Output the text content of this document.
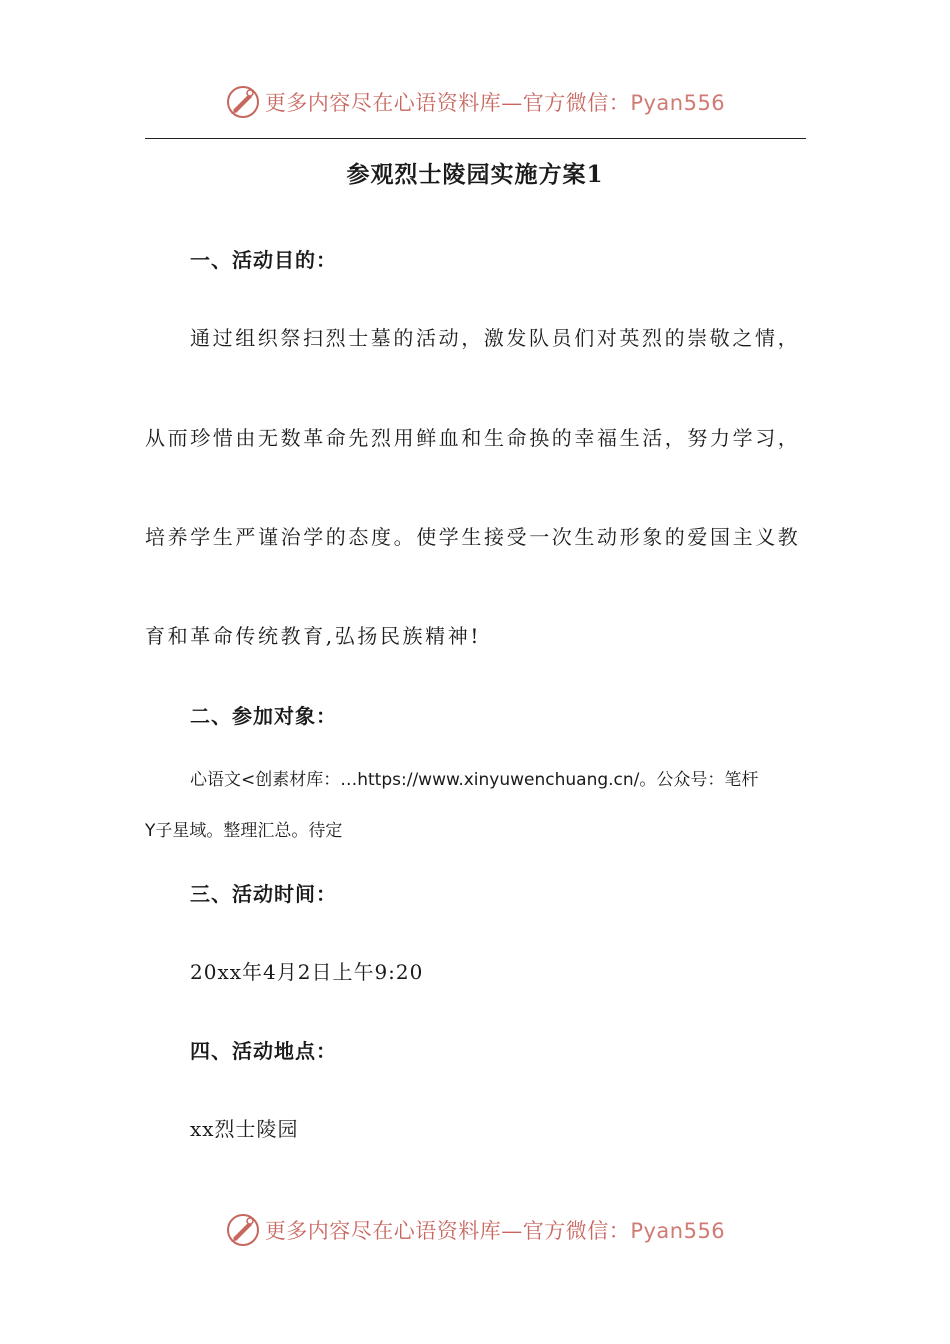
更多内容尽在心语资料库—官方微信：Pyan556
参观烈士陵园实施方案1
一、活动目的：

通过组织祭扫烈士墓的活动，激发队员们对英烈的崇敬之情，

从而珍惜由无数革命先烈用鲜血和生命换的幸福生活，努力学习，

培养学生严谨治学的态度。使学生接受一次生动形象的爱国主义教

育和革命传统教育,弘扬民族精神!

二、参加对象：

心语文<创素材库：…https://www.xinyuwenchuang.cn/。公众号：笔杆

Y子星域。整理汇总。待定

三、活动时间：

20xx年4月2日上午9:20

四、活动地点：

xx烈士陵园

更多内容尽在心语资料库—官方微信：Pyan556
